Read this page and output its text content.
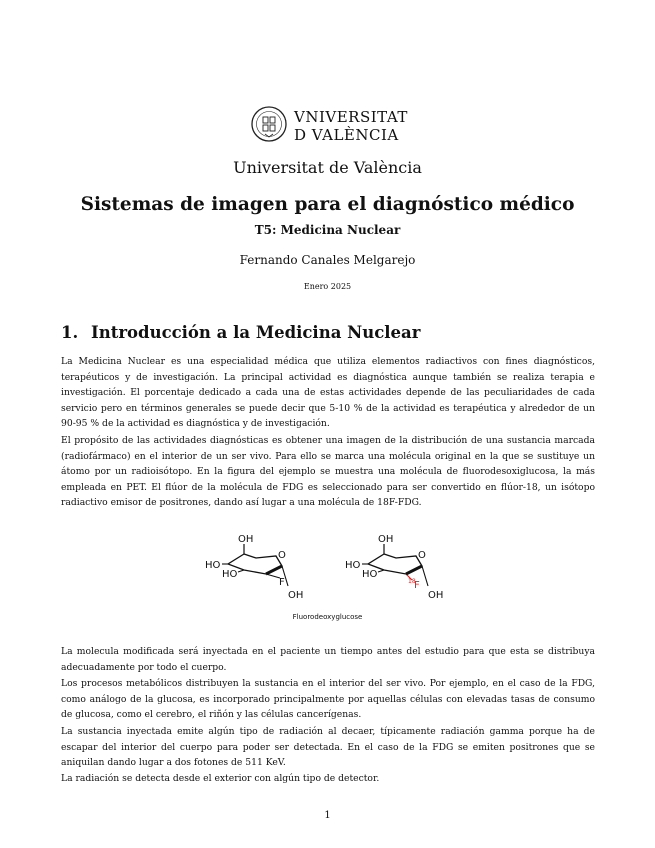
VNIVERSITAT
D VALÈNCIA
Universitat de València
Sistemas de imagen para el diagnóstico médico
T5: Medicina Nuclear
Fernando Canales Melgarejo
Enero 2025
1. Introducción a la Medicina Nuclear

La Medicina Nuclear es una especialidad médica que utiliza elementos radiactivos con fines diagnósticos, terapéuticos y de investigación. La principal actividad es diagnóstica aunque también se realiza terapia e investigación. El porcentaje dedicado a cada una de estas actividades depende de las peculiaridades de cada servicio pero en términos generales se puede decir que 5-10 % de la actividad es terapéutica y alrededor de un 90-95 % de la actividad es diagnóstica y de investigación.

El propósito de las actividades diagnósticas es obtener una imagen de la distribución de una sustancia marcada (radiofármaco) en el interior de un ser vivo. Para ello se marca una molécula original en la que se sustituye un átomo por un radioisótopo. En la figura del ejemplo se muestra una molécula de fluorodesoxiglucosa, la más empleada en PET. El flúor de la molécula de FDG es seleccionado para ser convertido en flúor-18, un isótopo radiactivo emisor de positrones, dando así lugar a una molécula de 18F-FDG.

OH
O
HO
HO
F
OH
OH
O
HO
HO
18
F
OH
Fluorodeoxyglucose

La molecula modificada será inyectada en el paciente un tiempo antes del estudio para que esta se distribuya adecuadamente por todo el cuerpo.

Los procesos metabólicos distribuyen la sustancia en el interior del ser vivo. Por ejemplo, en el caso de la FDG, como análogo de la glucosa, es incorporado principalmente por aquellas células con elevadas tasas de consumo de glucosa, como el cerebro, el riñón y las células cancerígenas.

La sustancia inyectada emite algún tipo de radiación al decaer, típicamente radiación gamma porque ha de escapar del interior del cuerpo para poder ser detectada. En el caso de la FDG se emiten positrones que se aniquilan dando lugar a dos fotones de 511 KeV.

La radiación se detecta desde el exterior con algún tipo de detector.

1
